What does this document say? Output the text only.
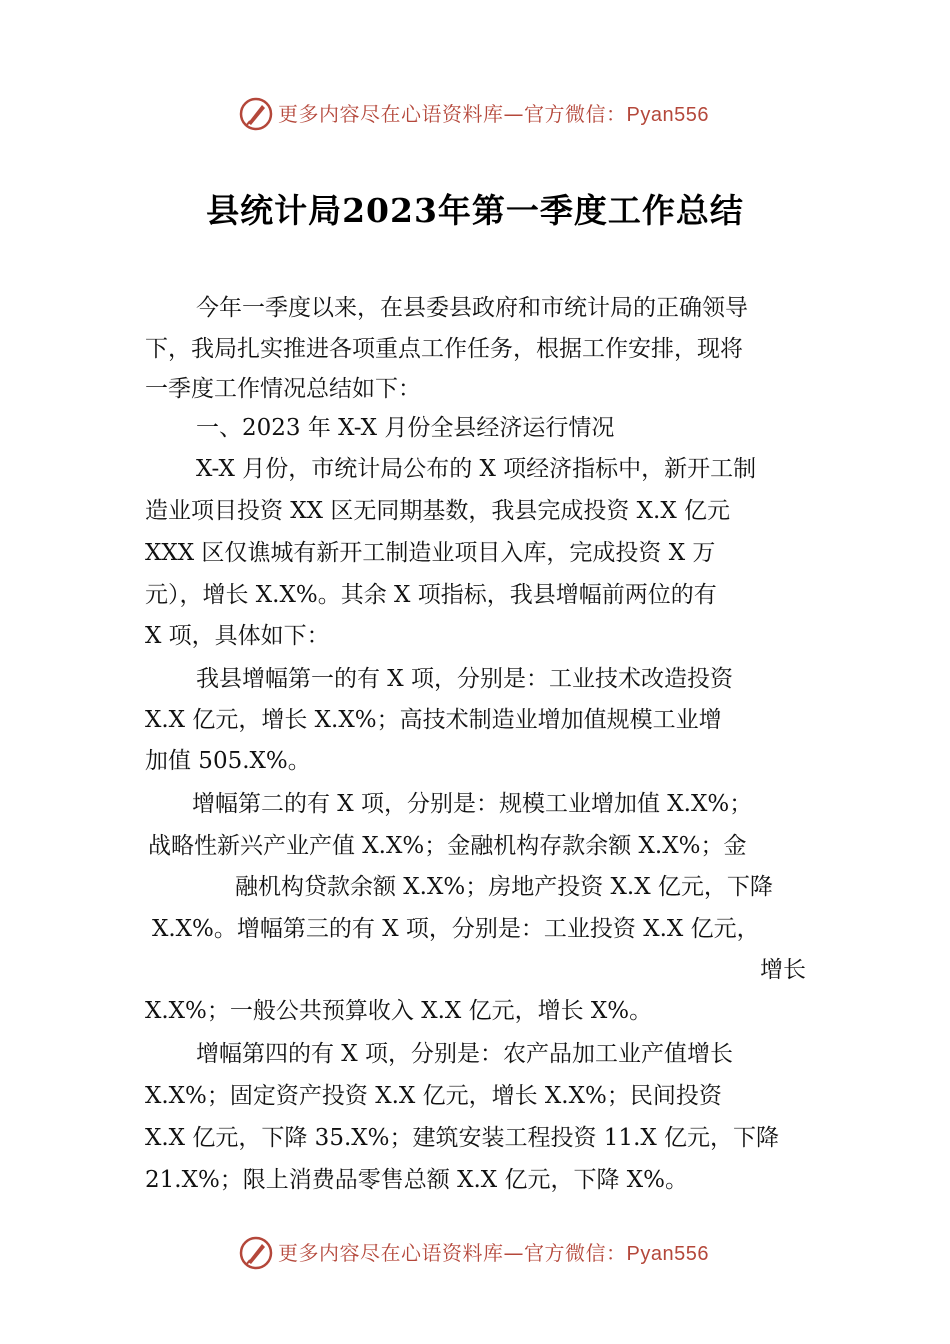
更多内容尽在心语资料库—官方微信：Pyan556
县统计局2023年第一季度工作总结
今年一季度以来，在县委县政府和市统计局的正确领导
下，我局扎实推进各项重点工作任务，根据工作安排，现将
一季度工作情况总结如下：
一、2023 年 X-X 月份全县经济运行情况
X-X 月份，市统计局公布的 X 项经济指标中，新开工制
造业项目投资 XX 区无同期基数，我县完成投资 X.X 亿元
XXX 区仅谯城有新开工制造业项目入库，完成投资 X 万
元），增长 X.X%。其余 X 项指标，我县增幅前两位的有
X 项，具体如下：
我县增幅第一的有 X 项，分别是：工业技术改造投资
X.X 亿元，增长 X.X%；高技术制造业增加值规模工业增
加值 505.X%。
增幅第二的有 X 项，分别是：规模工业增加值 X.X%；
战略性新兴产业产值 X.X%；金融机构存款余额 X.X%；金
融机构贷款余额 X.X%；房地产投资 X.X 亿元，下降
X.X%。增幅第三的有 X 项，分别是：工业投资 X.X 亿元，
增长
X.X%；一般公共预算收入 X.X 亿元，增长 X%。
增幅第四的有 X 项，分别是：农产品加工业产值增长
X.X%；固定资产投资 X.X 亿元，增长 X.X%；民间投资
X.X 亿元，下降 35.X%；建筑安装工程投资 11.X 亿元，下降
21.X%；限上消费品零售总额 X.X 亿元，下降 X%。
更多内容尽在心语资料库—官方微信：Pyan556
